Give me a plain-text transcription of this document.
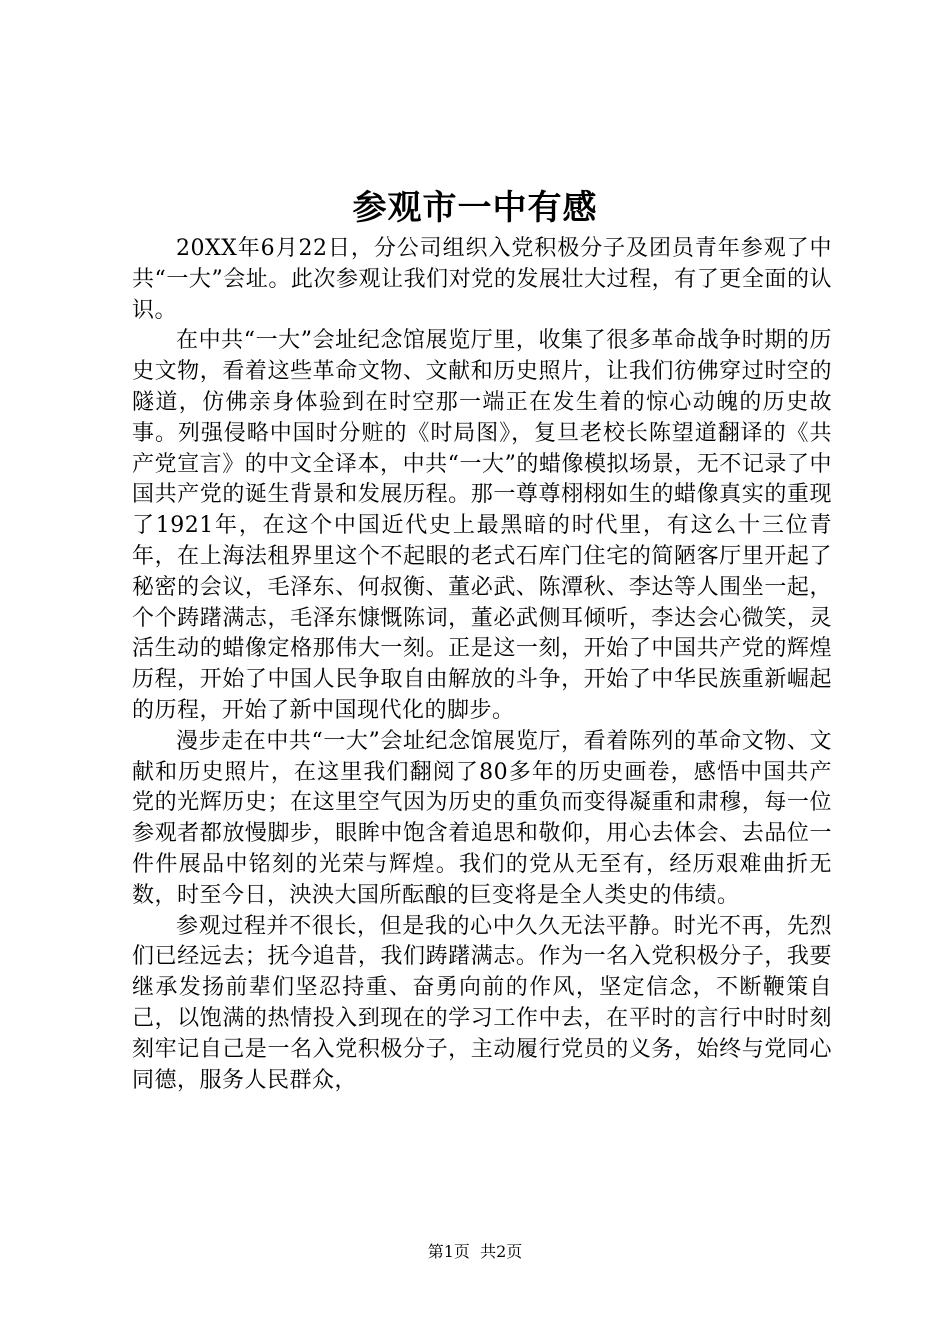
参观市一中有感

20XX年6月22日，分公司组织入党积极分子及团员青年参观了中共“一大”会址。此次参观让我们对党的发展壮大过程，有了更全面的认识。

在中共“一大”会址纪念馆展览厅里，收集了很多革命战争时期的历史文物，看着这些革命文物、文献和历史照片，让我们彷佛穿过时空的隧道，仿佛亲身体验到在时空那一端正在发生着的惊心动魄的历史故事。列强侵略中国时分赃的《时局图》，复旦老校长陈望道翻译的《共产党宣言》的中文全译本，中共“一大”的蜡像模拟场景，无不记录了中国共产党的诞生背景和发展历程。那一尊尊栩栩如生的蜡像真实的重现了1921年，在这个中国近代史上最黑暗的时代里，有这么十三位青年，在上海法租界里这个不起眼的老式石库门住宅的简陋客厅里开起了秘密的会议，毛泽东、何叔衡、董必武、陈潭秋、李达等人围坐一起，个个踌躇满志，毛泽东慷慨陈词，董必武侧耳倾听，李达会心微笑，灵活生动的蜡像定格那伟大一刻。正是这一刻，开始了中国共产党的辉煌历程，开始了中国人民争取自由解放的斗争，开始了中华民族重新崛起的历程，开始了新中国现代化的脚步。

漫步走在中共“一大”会址纪念馆展览厅，看着陈列的革命文物、文献和历史照片，在这里我们翻阅了80多年的历史画卷，感悟中国共产党的光辉历史；在这里空气因为历史的重负而变得凝重和肃穆，每一位参观者都放慢脚步，眼眸中饱含着追思和敬仰，用心去体会、去品位一件件展品中铭刻的光荣与辉煌。我们的党从无至有，经历艰难曲折无数，时至今日，泱泱大国所酝酿的巨变将是全人类史的伟绩。

参观过程并不很长，但是我的心中久久无法平静。时光不再，先烈们已经远去；抚今追昔，我们踌躇满志。作为一名入党积极分子，我要继承发扬前辈们坚忍持重、奋勇向前的作风，坚定信念，不断鞭策自己，以饱满的热情投入到现在的学习工作中去，在平时的言行中时时刻刻牢记自己是一名入党积极分子，主动履行党员的义务，始终与党同心同德，服务人民群众，

第1页 共2页
